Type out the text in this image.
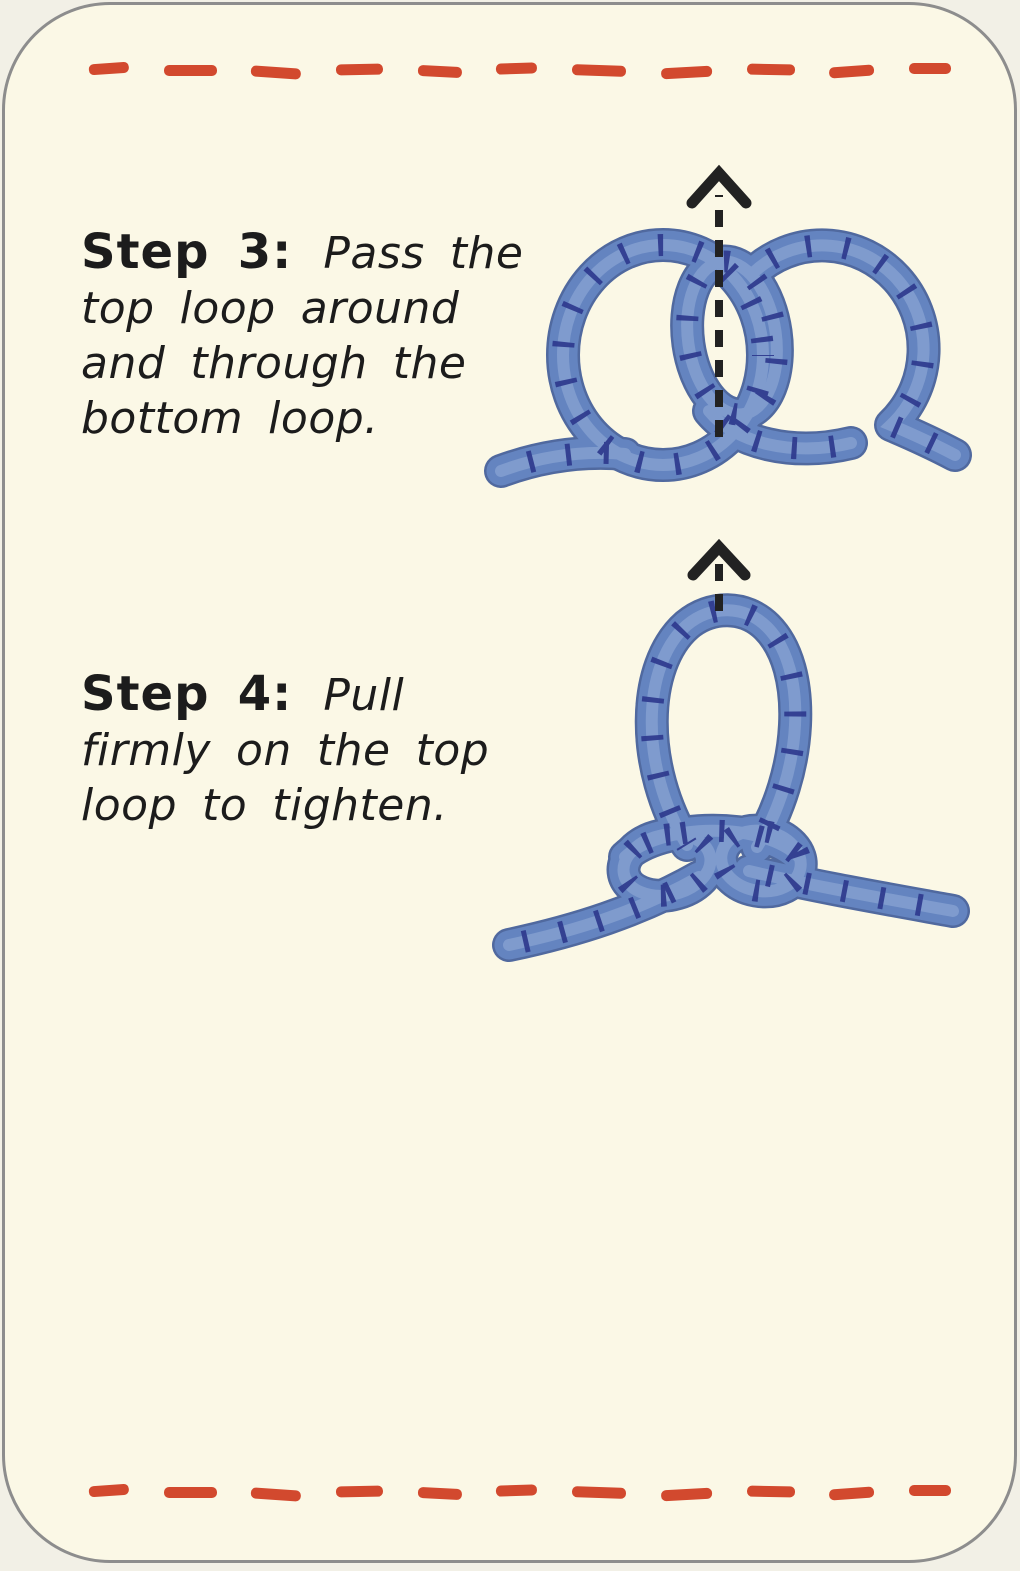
Step 3: Pass the
top loop around
and through the
bottom loop.

Step 4: Pull
firmly on the top
loop to tighten.
